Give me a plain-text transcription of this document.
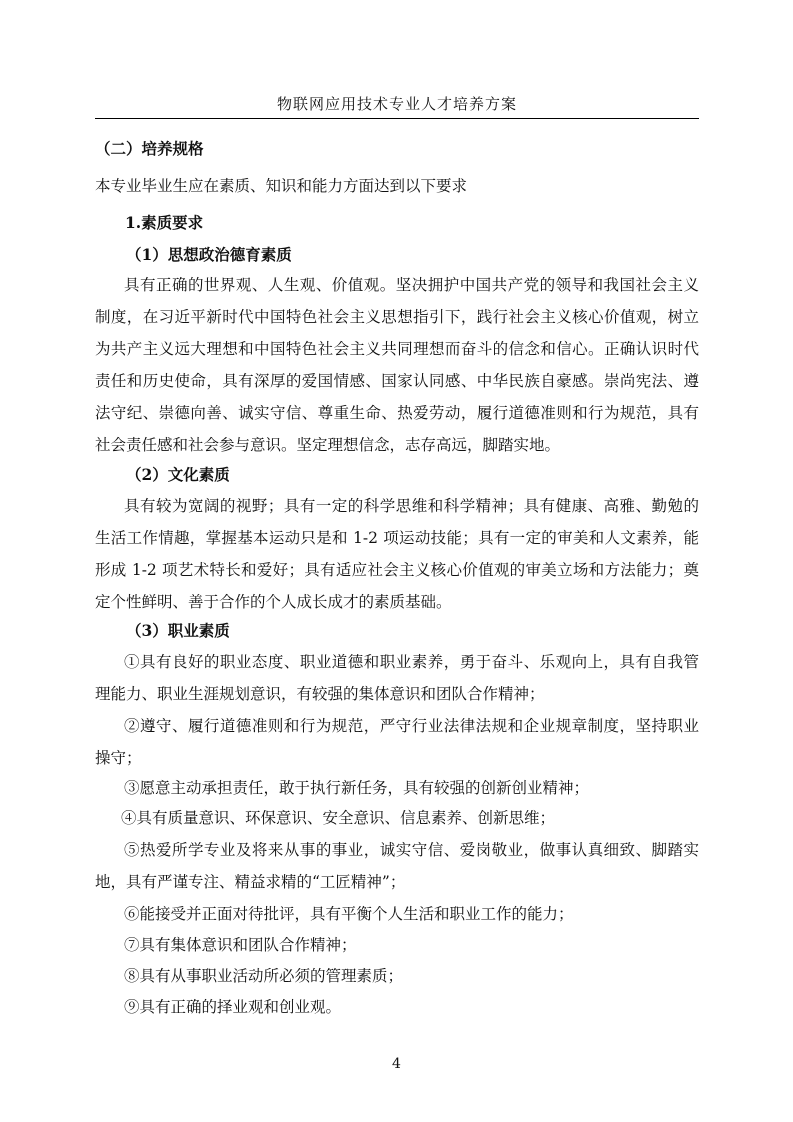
物联网应用技术专业人才培养方案
（二）培养规格
本专业毕业生应在素质、知识和能力方面达到以下要求
1.素质要求
（1）思想政治德育素质
具有正确的世界观、人生观、价值观。坚决拥护中国共产党的领导和我国社会主义
制度，在习近平新时代中国特色社会主义思想指引下，践行社会主义核心价值观，树立
为共产主义远大理想和中国特色社会主义共同理想而奋斗的信念和信心。正确认识时代
责任和历史使命，具有深厚的爱国情感、国家认同感、中华民族自豪感。崇尚宪法、遵
法守纪、崇德向善、诚实守信、尊重生命、热爱劳动，履行道德准则和行为规范，具有
社会责任感和社会参与意识。坚定理想信念，志存高远，脚踏实地。
（2）文化素质
具有较为宽阔的视野；具有一定的科学思维和科学精神；具有健康、高雅、勤勉的
生活工作情趣，掌握基本运动只是和 1-2 项运动技能；具有一定的审美和人文素养，能
形成 1-2 项艺术特长和爱好；具有适应社会主义核心价值观的审美立场和方法能力；奠
定个性鲜明、善于合作的个人成长成才的素质基础。
（3）职业素质
①具有良好的职业态度、职业道德和职业素养，勇于奋斗、乐观向上，具有自我管
理能力、职业生涯规划意识，有较强的集体意识和团队合作精神；
②遵守、履行道德准则和行为规范，严守行业法律法规和企业规章制度，坚持职业
操守；
③愿意主动承担责任，敢于执行新任务，具有较强的创新创业精神；
④具有质量意识、环保意识、安全意识、信息素养、创新思维；
⑤热爱所学专业及将来从事的事业，诚实守信、爱岗敬业，做事认真细致、脚踏实
地，具有严谨专注、精益求精的“工匠精神”；
⑥能接受并正面对待批评，具有平衡个人生活和职业工作的能力；
⑦具有集体意识和团队合作精神；
⑧具有从事职业活动所必须的管理素质；
⑨具有正确的择业观和创业观。
4
